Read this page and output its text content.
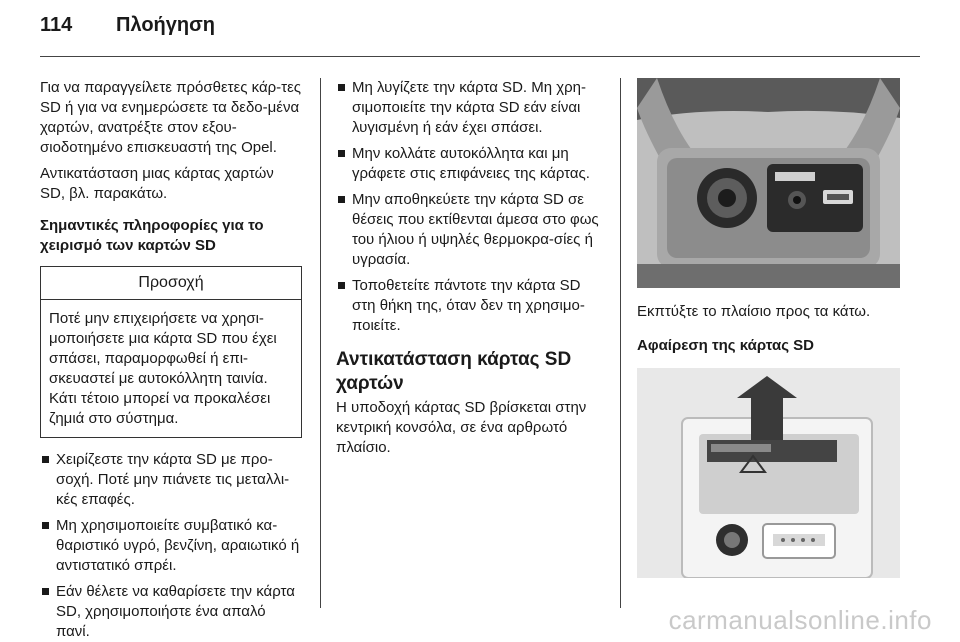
114	Πλοήγηση

Για να παραγγείλετε πρόσθετες κάρ-τες SD ή για να ενημερώσετε τα δεδο-μένα χαρτών, ανατρέξτε στον εξου-σιοδοτημένο επισκευαστή της Opel.

Αντικατάσταση μιας κάρτας χαρτών SD, βλ. παρακάτω.

Σημαντικές πληροφορίες για το χειρισμό των καρτών SD
Προσοχή
Ποτέ μην επιχειρήσετε να χρησι-μοποιήσετε μια κάρτα SD που έχει σπάσει, παραμορφωθεί ή επι-σκευαστεί με αυτοκόλλητη ταινία. Κάτι τέτοιο μπορεί να προκαλέσει ζημιά στο σύστημα.
Χειρίζεστε την κάρτα SD με προ-σοχή. Ποτέ μην πιάνετε τις μεταλλι-κές επαφές.
Μη χρησιμοποιείτε συμβατικό κα-θαριστικό υγρό, βενζίνη, αραιωτικό ή αντιστατικό σπρέι.
Εάν θέλετε να καθαρίσετε την κάρτα SD, χρησιμοποιήστε ένα απαλό πανί.
Μη λυγίζετε την κάρτα SD. Μη χρη-σιμοποιείτε την κάρτα SD εάν είναι λυγισμένη ή εάν έχει σπάσει.
Μην κολλάτε αυτοκόλλητα και μη γράφετε στις επιφάνειες της κάρτας.
Μην αποθηκεύετε την κάρτα SD σε θέσεις που εκτίθενται άμεσα στο φως του ήλιου ή υψηλές θερμοκρα-σίες ή υγρασία.
Τοποθετείτε πάντοτε την κάρτα SD στη θήκη της, όταν δεν τη χρησιμο-ποιείτε.
Αντικατάσταση κάρτας SD χαρτών
Η υποδοχή κάρτας SD βρίσκεται στην κεντρική κονσόλα, σε ένα αρθρωτό πλαίσιο.
Εκπτύξτε το πλαίσιο προς τα κάτω.
Αφαίρεση της κάρτας SD
carmanualsonline.info
